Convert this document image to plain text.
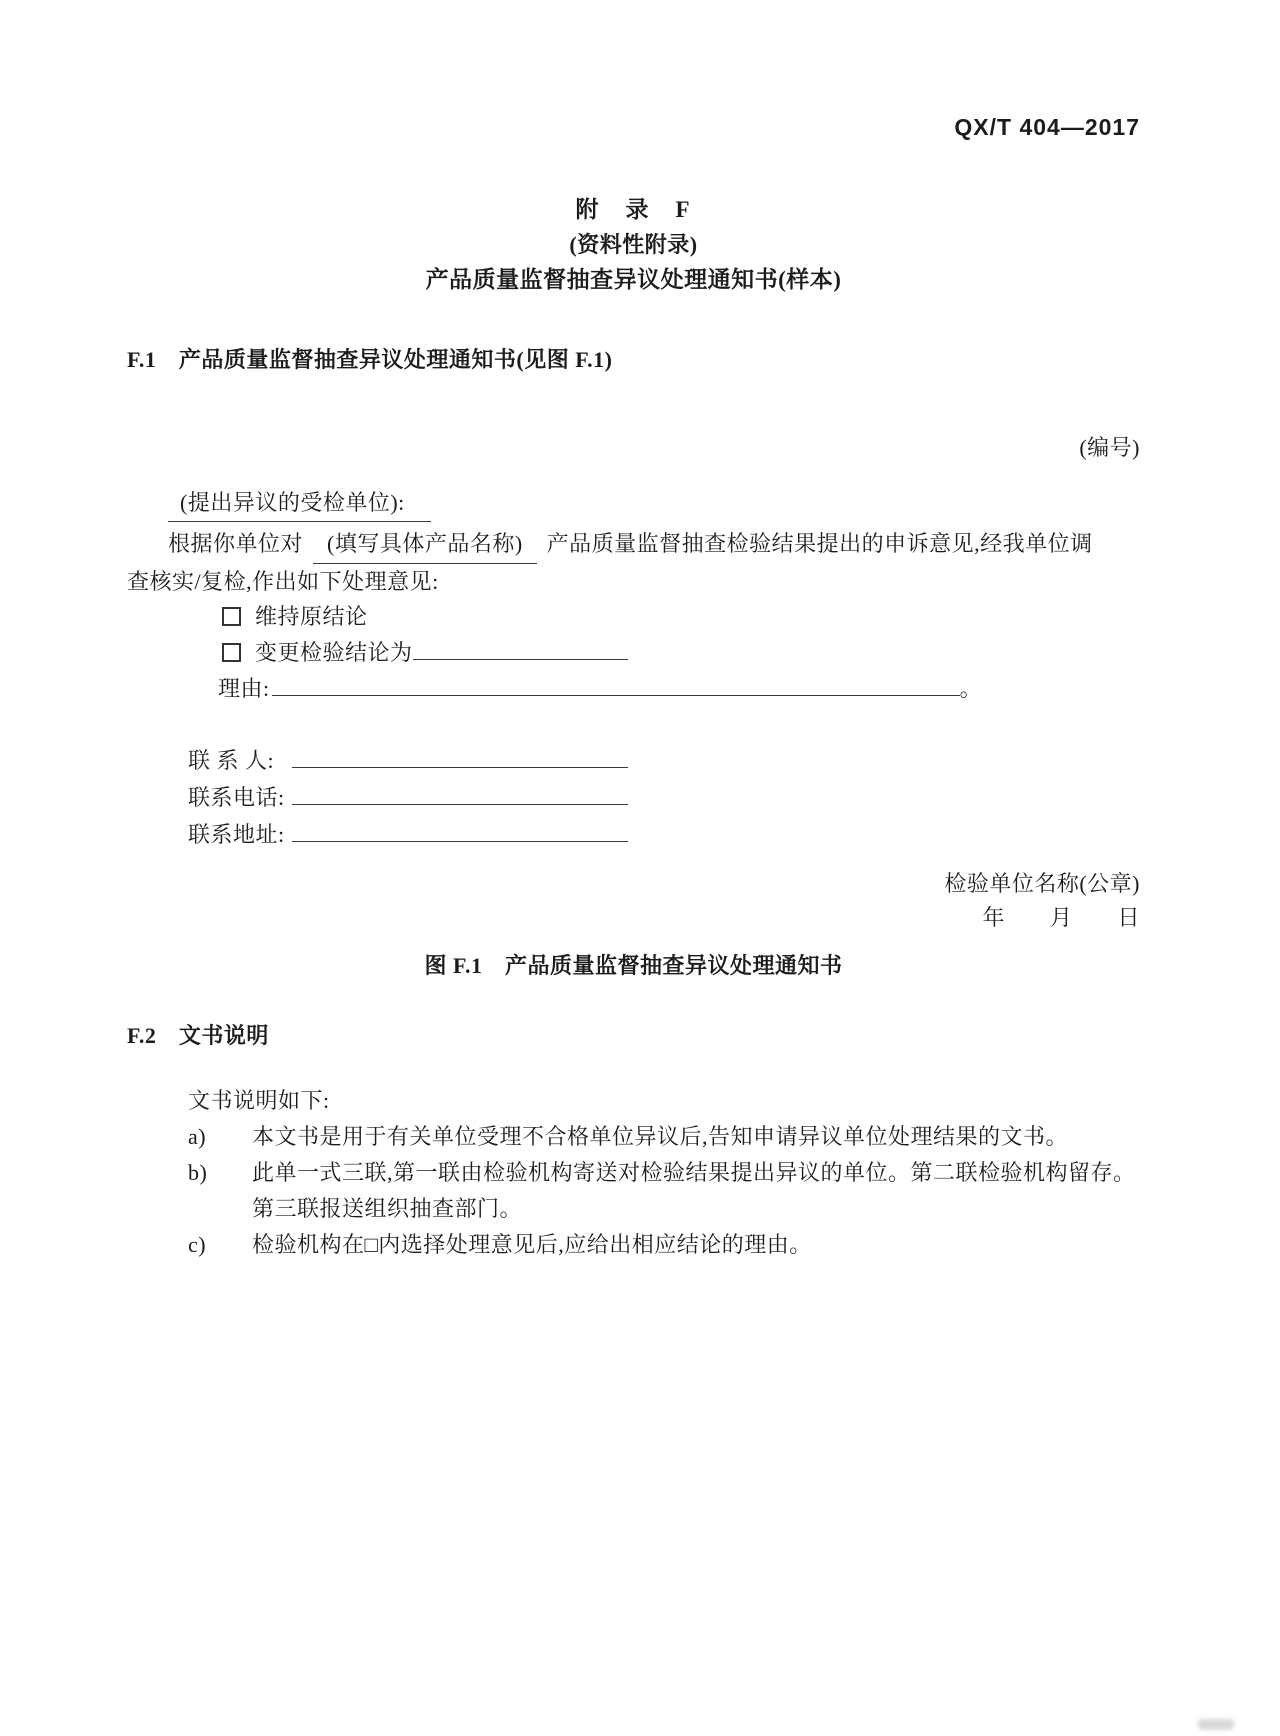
QX/T 404—2017
附　录　F
(资料性附录)
产品质量监督抽查异议处理通知书(样本)
F.1　产品质量监督抽查异议处理通知书(见图 F.1)
(编号)
(提出异议的受检单位):
根据你单位对 (填写具体产品名称) 产品质量监督抽查检验结果提出的申诉意见,经我单位调
查核实/复检,作出如下处理意见:
维持原结论
变更检验结论为
理由:	。
联 系 人:
联系电话:
联系地址:
检验单位名称(公章)
年　　月　　日
图 F.1　产品质量监督抽查异议处理通知书
F.2　文书说明
文书说明如下:
a)	本文书是用于有关单位受理不合格单位异议后,告知申请异议单位处理结果的文书。
b)	此单一式三联,第一联由检验机构寄送对检验结果提出异议的单位。第二联检验机构留存。
第三联报送组织抽查部门。
c)	检验机构在□内选择处理意见后,应给出相应结论的理由。
